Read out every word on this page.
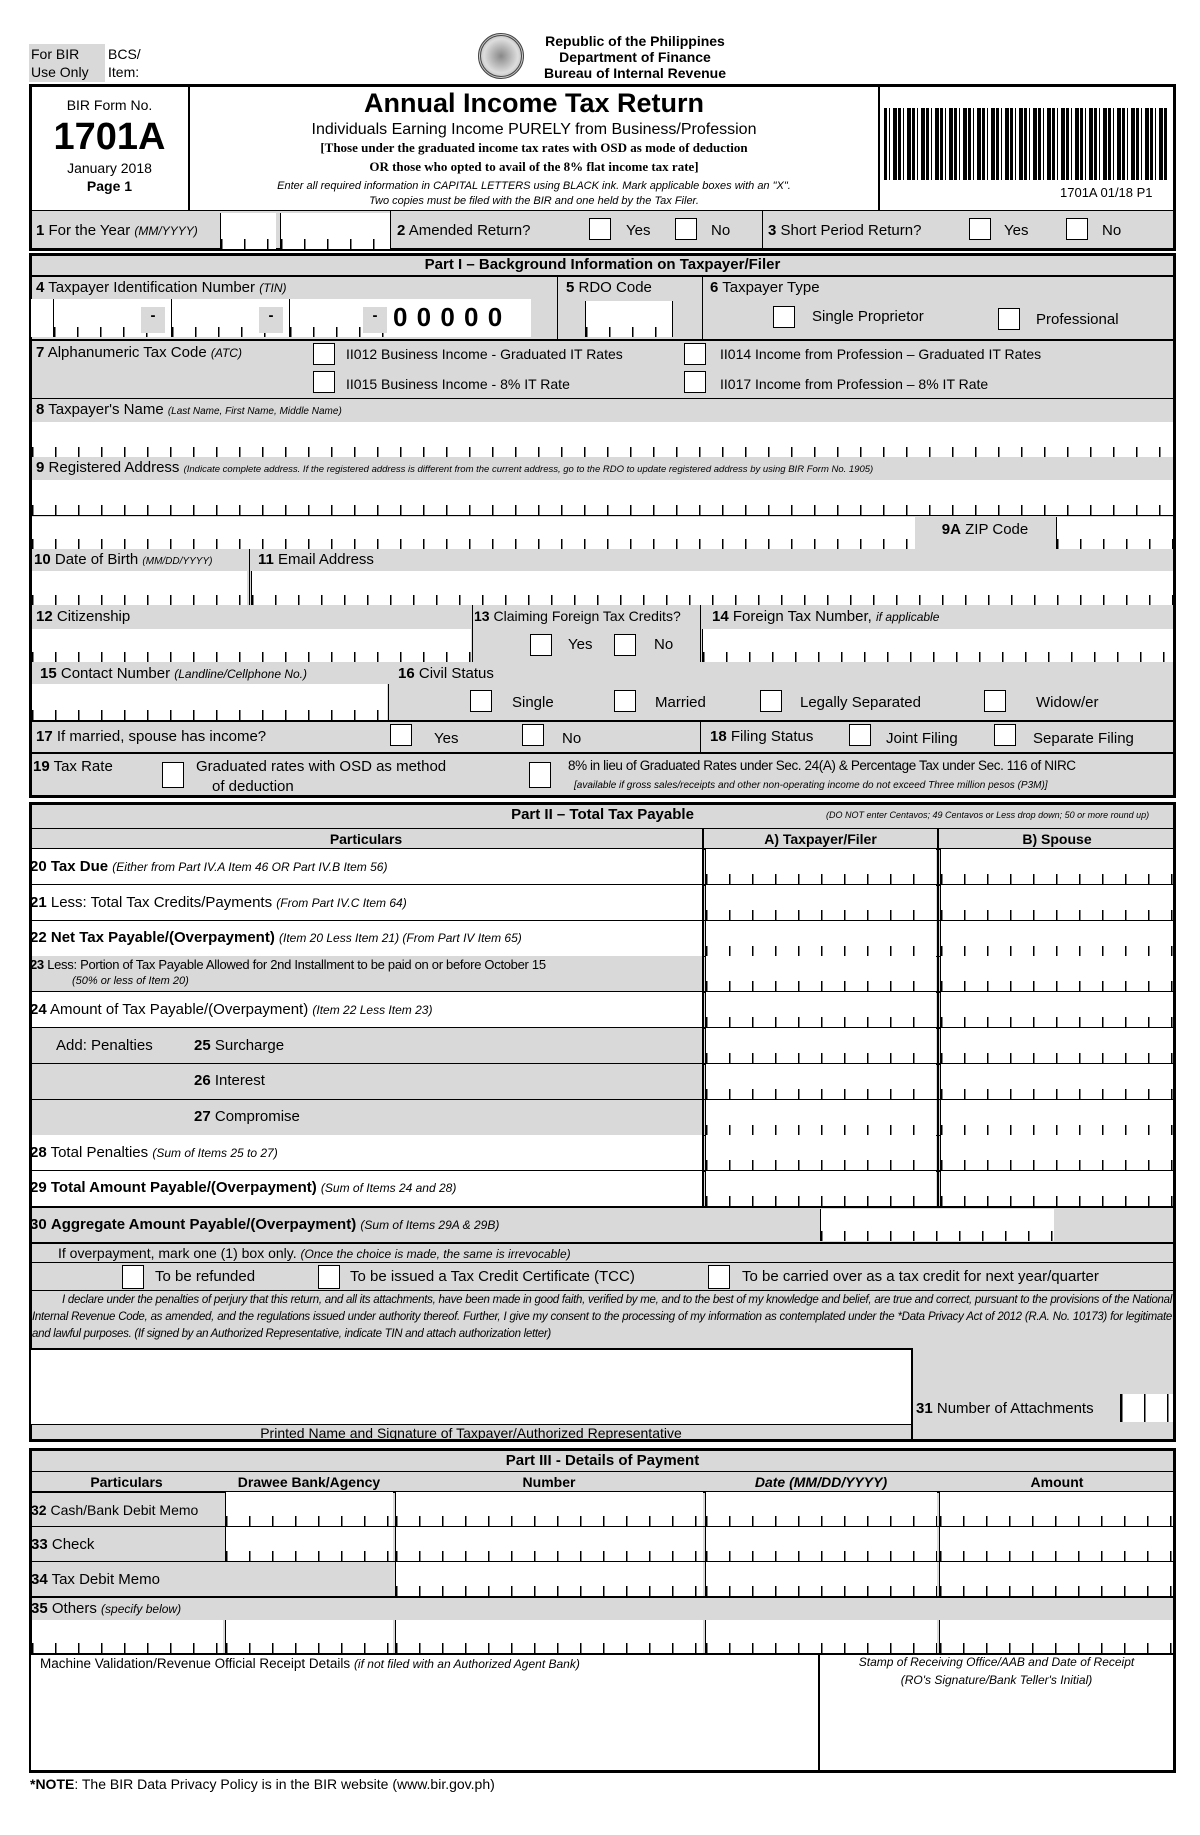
For BIR
Use Only
BCS/
Item:
Republic of the Philippines
Department of Finance
Bureau of Internal Revenue
BIR Form No.
1701A
January 2018
Page 1
Annual Income Tax Return
Individuals Earning Income PURELY from Business/Profession
[Those under the graduated income tax rates with OSD as mode of deduction
OR those who opted to avail of the 8% flat income tax rate]
Enter all required information in CAPITAL LETTERS using BLACK ink. Mark applicable boxes with an "X".
Two copies must be filed with the BIR and one held by the Tax Filer.
1701A 01/18 P1
1 For the Year (MM/YYYY)	2 Amended Return?	Yes	No	3 Short Period Return?	Yes	No
Part I – Background Information on Taxpayer/Filer
4 Taxpayer Identification Number (TIN)
-	-	- 0 0 0 0 0
5 RDO Code	6 Taxpayer Type
Single Proprietor	Professional
7 Alphanumeric Tax Code (ATC)	II012 Business Income - Graduated IT Rates	II014 Income from Profession – Graduated IT Rates
II015 Business Income - 8% IT Rate	II017 Income from Profession – 8% IT Rate
8 Taxpayer's Name (Last Name, First Name, Middle Name)
9 Registered Address (Indicate complete address. If the registered address is different from the current address, go to the RDO to update registered address by using BIR Form No. 1905)
9A ZIP Code
10 Date of Birth (MM/DD/YYYY)	11 Email Address
12 Citizenship	13 Claiming Foreign Tax Credits?
Yes	No
14 Foreign Tax Number, if applicable
15 Contact Number (Landline/Cellphone No.)	16 Civil Status
Single	Married	Legally Separated	Widow/er
17 If married, spouse has income?	Yes	No	18 Filing Status	Joint Filing	Separate Filing
19 Tax Rate	Graduated rates with OSD as method
of deduction
8% in lieu of Graduated Rates under Sec. 24(A) & Percentage Tax under Sec. 116 of NIRC
[available if gross sales/receipts and other non-operating income do not exceed Three million pesos (P3M)]
Part II – Total Tax Payable	(DO NOT enter Centavos; 49 Centavos or Less drop down; 50 or more round up)
Particulars	A) Taxpayer/Filer	B) Spouse
20 Tax Due (Either from Part IV.A Item 46 OR Part IV.B Item 56)
21 Less: Total Tax Credits/Payments (From Part IV.C Item 64)
22 Net Tax Payable/(Overpayment) (Item 20 Less Item 21) (From Part IV Item 65)
23 Less: Portion of Tax Payable Allowed for 2nd Installment to be paid on or before October 15
(50% or less of Item 20)
24 Amount of Tax Payable/(Overpayment) (Item 22 Less Item 23)
Add: Penalties	25 Surcharge
26 Interest
27 Compromise
28 Total Penalties (Sum of Items 25 to 27)
29 Total Amount Payable/(Overpayment) (Sum of Items 24 and 28)
30 Aggregate Amount Payable/(Overpayment) (Sum of Items 29A & 29B)
If overpayment, mark one (1) box only. (Once the choice is made, the same is irrevocable)
To be refunded	To be issued a Tax Credit Certificate (TCC)	To be carried over as a tax credit for next year/quarter
I declare under the penalties of perjury that this return, and all its attachments, have been made in good faith, verified by me, and to the best of my knowledge and belief, are true and correct, pursuant to the provisions of the National Internal Revenue Code, as amended, and the regulations issued under authority thereof. Further, I give my consent to the processing of my information as contemplated under the *Data Privacy Act of 2012 (R.A. No. 10173) for legitimate and lawful purposes. (If signed by an Authorized Representative, indicate TIN and attach authorization letter)
31 Number of Attachments
Printed Name and Signature of Taxpayer/Authorized Representative
Part III - Details of Payment
Particulars	Drawee Bank/Agency	Number	Date (MM/DD/YYYY)	Amount
32 Cash/Bank Debit Memo
33 Check
34 Tax Debit Memo
35 Others (specify below)
Machine Validation/Revenue Official Receipt Details (if not filed with an Authorized Agent Bank)	Stamp of Receiving Office/AAB and Date of Receipt
(RO's Signature/Bank Teller's Initial)
*NOTE: The BIR Data Privacy Policy is in the BIR website (www.bir.gov.ph)
